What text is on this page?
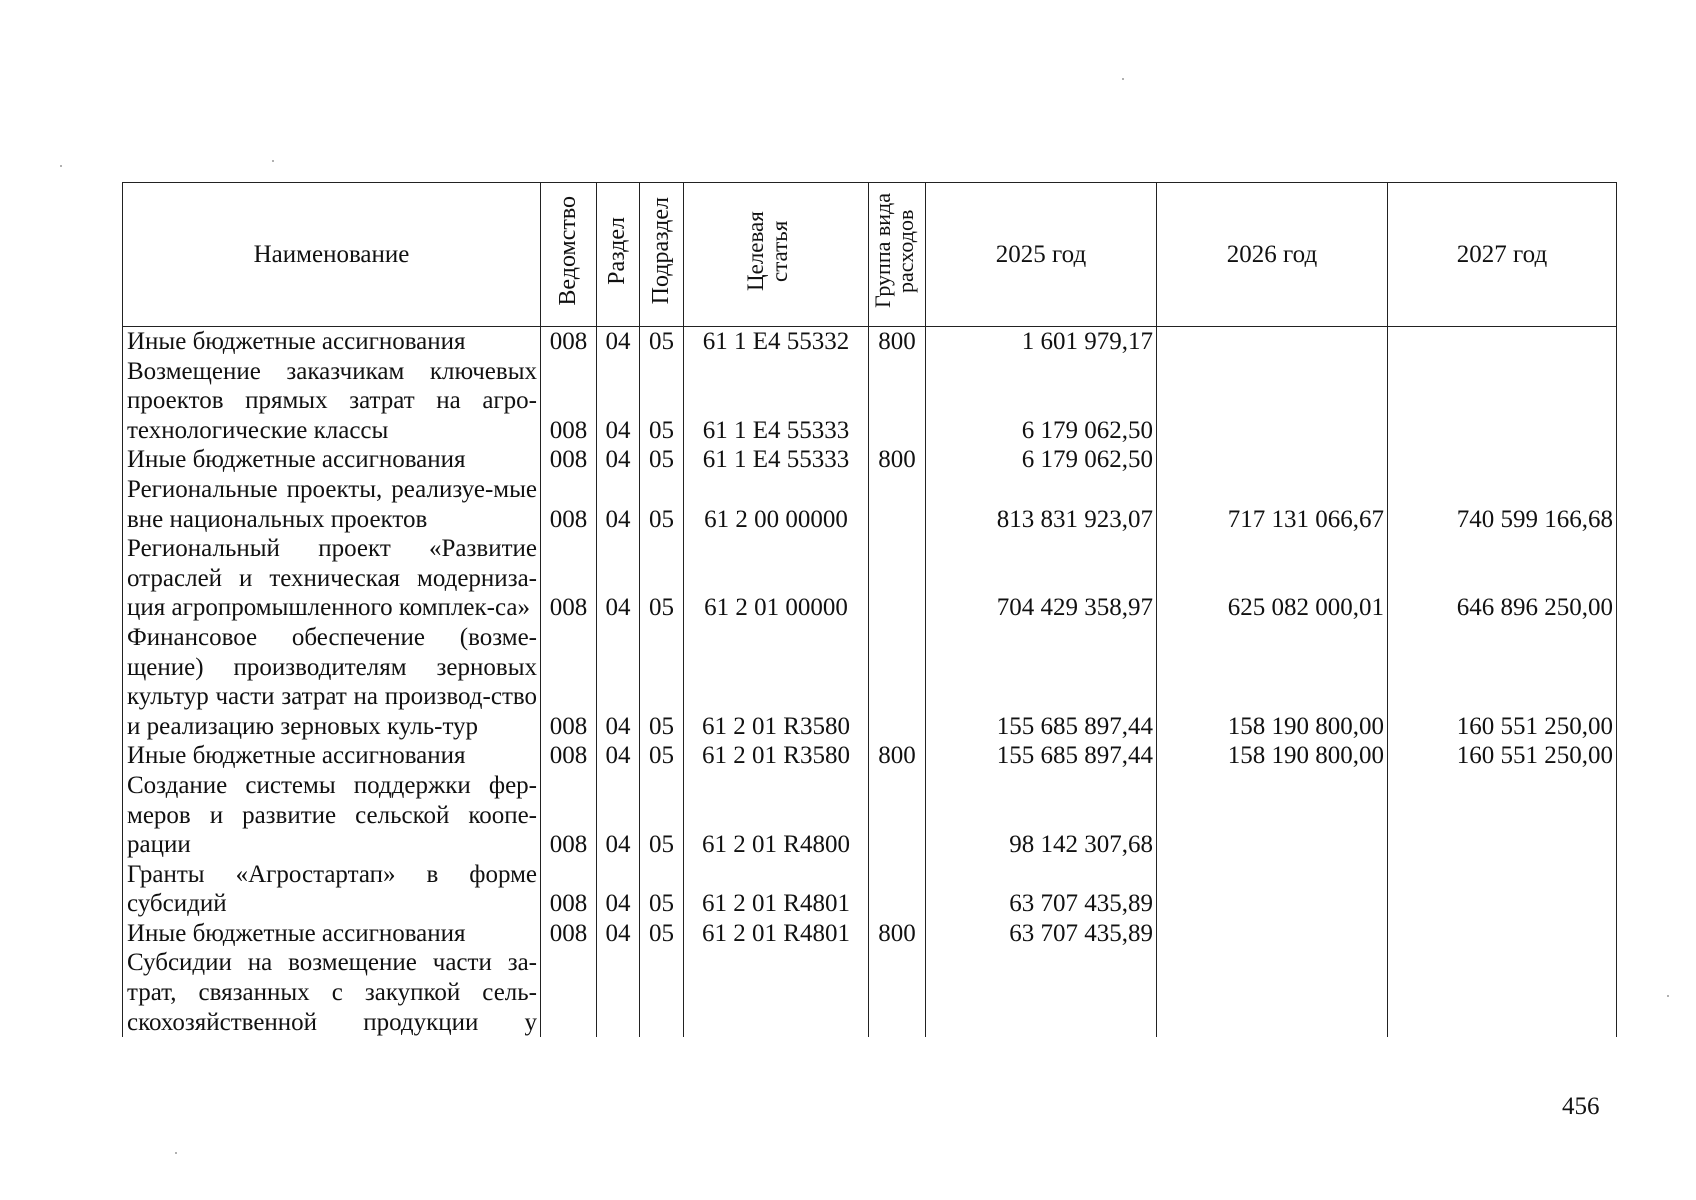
Наименование	Ведомство	Раздел	Подраздел	Целевая статья	Группа вида расходов	2025 год	2026 год	2027 год
Иные бюджетные ассигнования	008	04	05	61 1 E4 55332	800	1 601 979,17		
Возмещение заказчикам ключевых проектов прямых затрат на агро-технологические классы	008	04	05	61 1 E4 55333		6 179 062,50		
Иные бюджетные ассигнования	008	04	05	61 1 E4 55333	800	6 179 062,50		
Региональные проекты, реализуе-мые вне национальных проектов	008	04	05	61 2 00 00000		813 831 923,07	717 131 066,67	740 599 166,68
Региональный проект «Развитие отраслей и техническая модерниза-ция агропромышленного комплек-са»	008	04	05	61 2 01 00000		704 429 358,97	625 082 000,01	646 896 250,00
Финансовое обеспечение (возме-щение) производителям зерновых культур части затрат на производ-ство и реализацию зерновых куль-тур	008	04	05	61 2 01 R3580		155 685 897,44	158 190 800,00	160 551 250,00
Иные бюджетные ассигнования	008	04	05	61 2 01 R3580	800	155 685 897,44	158 190 800,00	160 551 250,00
Создание системы поддержки фер-меров и развитие сельской коопе-рации	008	04	05	61 2 01 R4800		98 142 307,68		
Гранты «Агростартап» в форме субсидий	008	04	05	61 2 01 R4801		63 707 435,89		
Иные бюджетные ассигнования	008	04	05	61 2 01 R4801	800	63 707 435,89		
Субсидии на возмещение части за-трат, связанных с закупкой сель-скохозяйственной продукции у								
456
